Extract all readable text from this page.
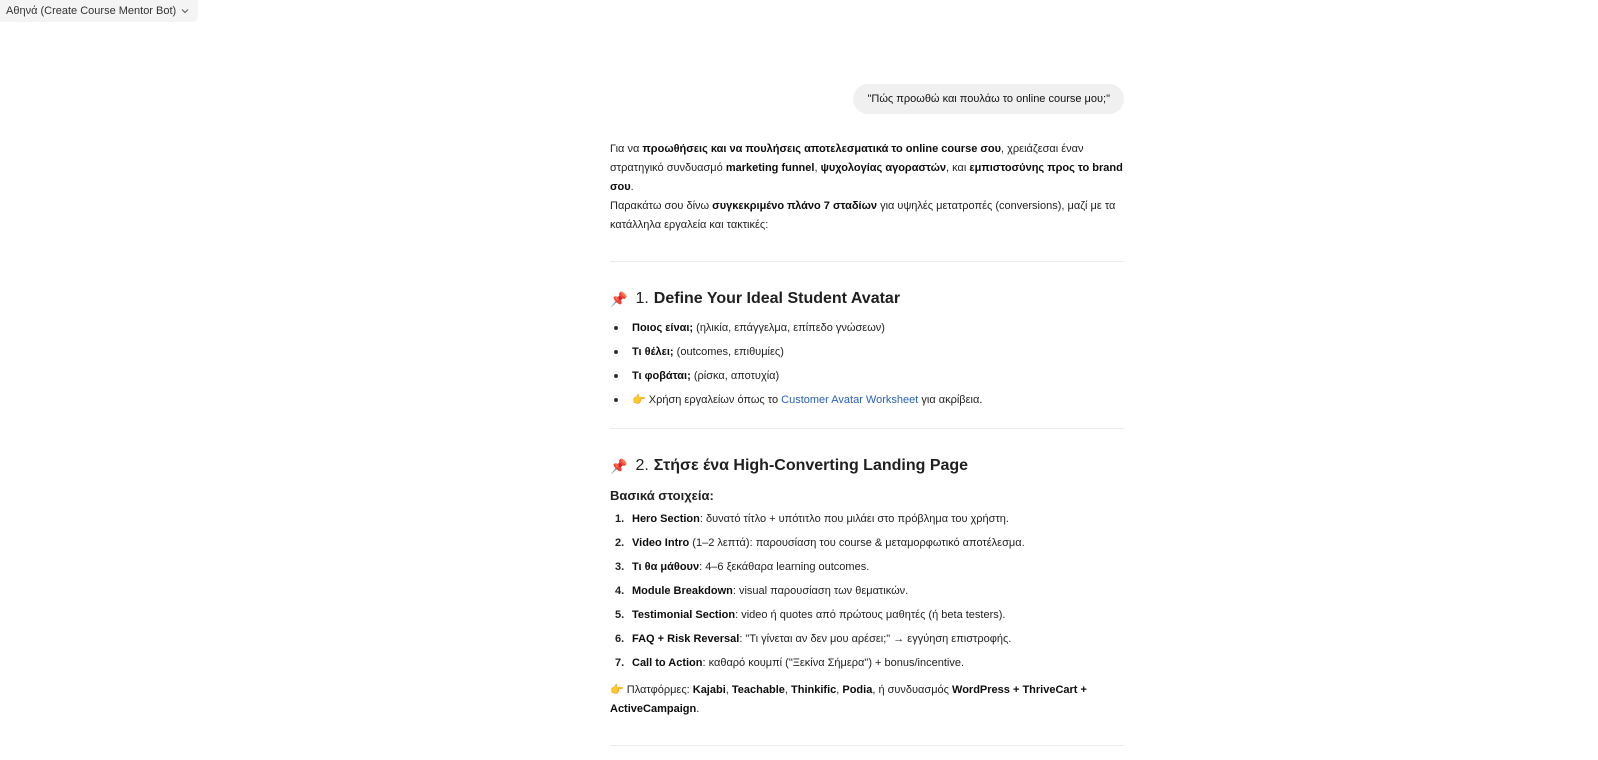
Αθηνά (Create Course Mentor Bot)
"Πώς προωθώ και πουλάω το online course μου;"

Για να προωθήσεις και να πουλήσεις αποτελεσματικά το online course σου, χρειάζεσαι έναν στρατηγικό συνδυασμό marketing funnel, ψυχολογίας αγοραστών, και εμπιστοσύνης προς το brand σου.

Παρακάτω σου δίνω συγκεκριμένο πλάνο 7 σταδίων για υψηλές μετατροπές (conversions), μαζί με τα κατάλληλα εργαλεία και τακτικές:

📌 1. Define Your Ideal Student Avatar
Ποιος είναι; (ηλικία, επάγγελμα, επίπεδο γνώσεων)
Τι θέλει; (outcomes, επιθυμίες)
Τι φοβάται; (ρίσκα, αποτυχία)
👉 Χρήση εργαλείων όπως το Customer Avatar Worksheet για ακρίβεια.
📌 2. Στήσε ένα High-Converting Landing Page
Βασικά στοιχεία:
1. Hero Section: δυνατό τίτλο + υπότιτλο που μιλάει στο πρόβλημα του χρήστη.
2. Video Intro (1–2 λεπτά): παρουσίαση του course & μεταμορφωτικό αποτέλεσμα.
3. Τι θα μάθουν: 4–6 ξεκάθαρα learning outcomes.
4. Module Breakdown: visual παρουσίαση των θεματικών.
5. Testimonial Section: video ή quotes από πρώτους μαθητές (ή beta testers).
6. FAQ + Risk Reversal: "Τι γίνεται αν δεν μου αρέσει;" → εγγύηση επιστροφής.
7. Call to Action: καθαρό κουμπί ("Ξεκίνα Σήμερα") + bonus/incentive.

👉 Πλατφόρμες: Kajabi, Teachable, Thinkific, Podia, ή συνδυασμός WordPress + ThriveCart + ActiveCampaign.
